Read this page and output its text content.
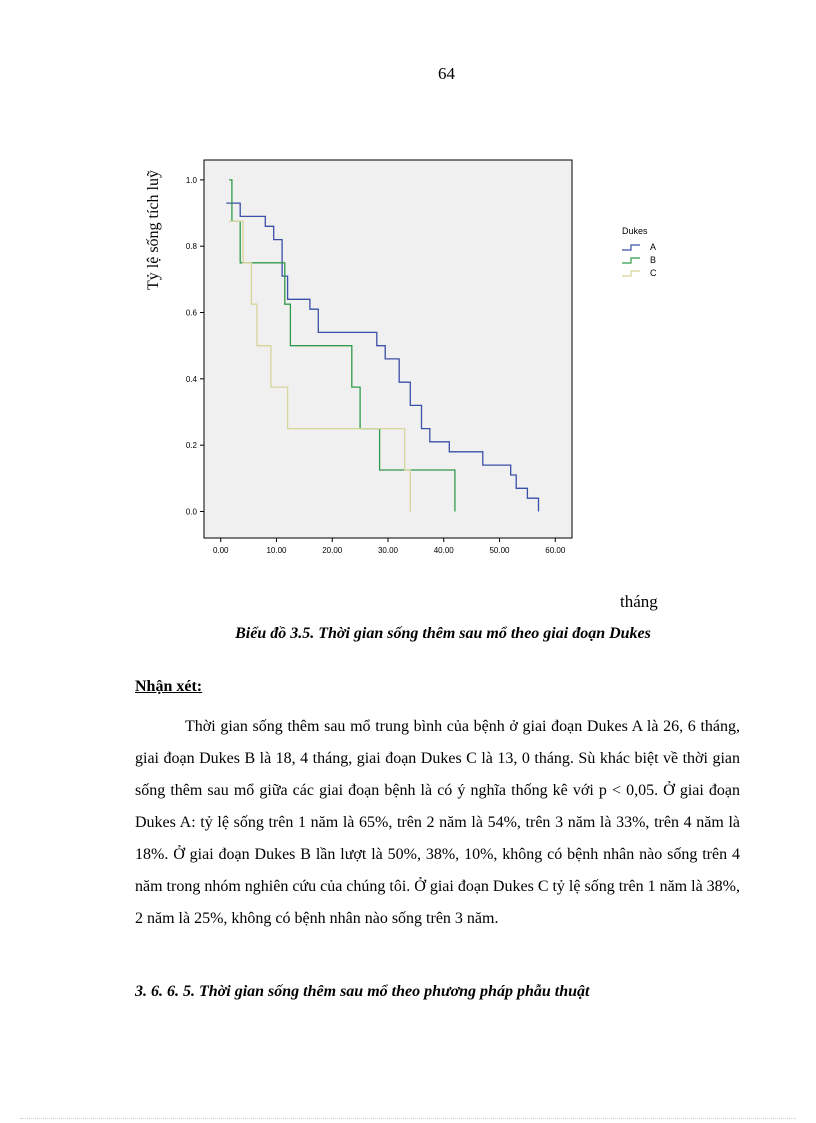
64
0.0
0.2
0.4
0.6
0.8
1.0
0.00	10.00	20.00	30.00	40.00	50.00	60.00
Tỷ lệ sống tích luỹ	Dukes
A
B
C
tháng
Biểu đồ 3.5. Thời gian sống thêm sau mổ theo giai đoạn Dukes
Nhận xét:

Thời gian sống thêm sau mổ trung bình của bệnh ở giai đoạn Dukes A là 26, 6 tháng, giai đoạn Dukes B là 18, 4 tháng, giai đoạn Dukes C là 13, 0 tháng. Sù khác biệt về thời gian sống thêm sau mổ giữa các giai đoạn bệnh là có ý nghĩa thống kê với p < 0,05. Ở giai đoạn Dukes A: tỷ lệ sống trên 1 năm là 65%, trên 2 năm là 54%, trên 3 năm là 33%, trên 4 năm là 18%. Ở giai đoạn Dukes B lần lượt là 50%, 38%, 10%, không có bệnh nhân nào sống trên 4 năm trong nhóm nghiên cứu của chúng tôi. Ở giai đoạn Dukes C tỷ lệ sống trên 1 năm là 38%, 2 năm là 25%, không có bệnh nhân nào sống trên 3 năm.

3. 6. 6. 5. Thời gian sống thêm sau mổ theo phương pháp phẫu thuật
